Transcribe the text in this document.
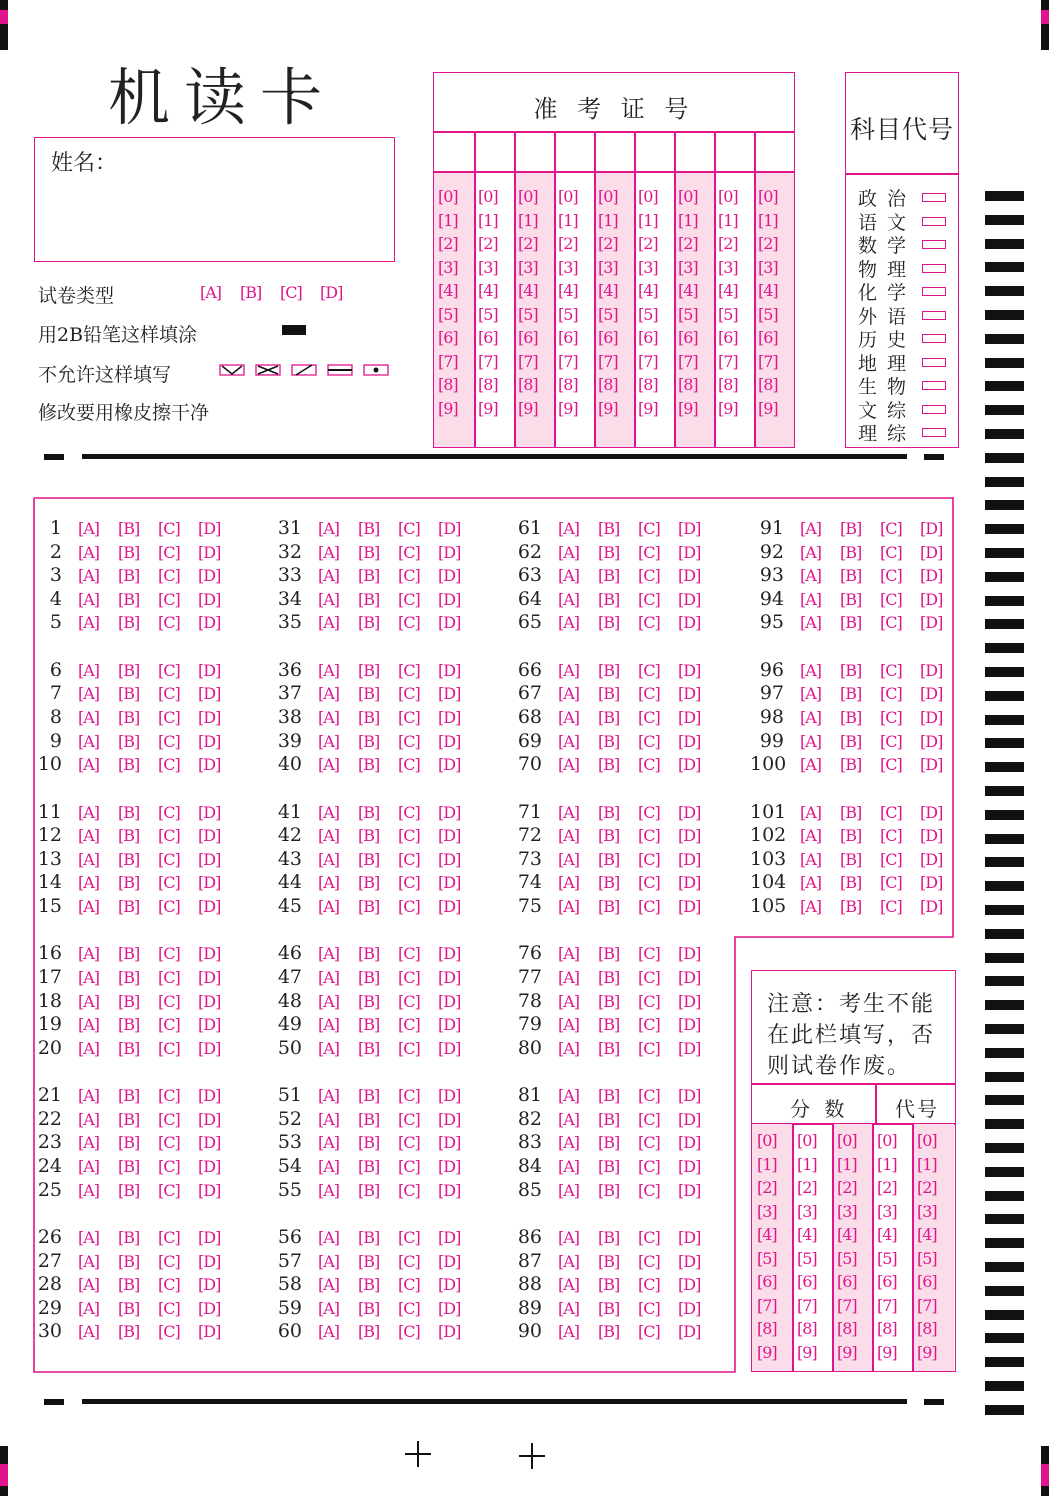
机读卡
姓名：
试卷类型	[A] [B] [C] [D]
用2B铅笔这样填涂
不允许这样填写
修改要用橡皮擦干净
准 考 证 号
[0]
[1]
[2]
[3]
[4]
[5]
[6]
[7]
[8]
[9]
[0]
[1]
[2]
[3]
[4]
[5]
[6]
[7]
[8]
[9]
[0]
[1]
[2]
[3]
[4]
[5]
[6]
[7]
[8]
[9]
[0]
[1]
[2]
[3]
[4]
[5]
[6]
[7]
[8]
[9]
[0]
[1]
[2]
[3]
[4]
[5]
[6]
[7]
[8]
[9]
[0]
[1]
[2]
[3]
[4]
[5]
[6]
[7]
[8]
[9]
[0]
[1]
[2]
[3]
[4]
[5]
[6]
[7]
[8]
[9]
[0]
[1]
[2]
[3]
[4]
[5]
[6]
[7]
[8]
[9]
[0]
[1]
[2]
[3]
[4]
[5]
[6]
[7]
[8]
[9]
科目代号
政治
语文
数学
物理
化学
外语
历史
地理
生物
文综
理综
1 [A] [B] [C] [D]
2 [A] [B] [C] [D]
3 [A] [B] [C] [D]
4 [A] [B] [C] [D]
5 [A] [B] [C] [D]
6 [A] [B] [C] [D]
7 [A] [B] [C] [D]
8 [A] [B] [C] [D]
9 [A] [B] [C] [D]
10 [A] [B] [C] [D]
11 [A] [B] [C] [D]
12 [A] [B] [C] [D]
13 [A] [B] [C] [D]
14 [A] [B] [C] [D]
15 [A] [B] [C] [D]
16 [A] [B] [C] [D]
17 [A] [B] [C] [D]
18 [A] [B] [C] [D]
19 [A] [B] [C] [D]
20 [A] [B] [C] [D]
21 [A] [B] [C] [D]
22 [A] [B] [C] [D]
23 [A] [B] [C] [D]
24 [A] [B] [C] [D]
25 [A] [B] [C] [D]
26 [A] [B] [C] [D]
27 [A] [B] [C] [D]
28 [A] [B] [C] [D]
29 [A] [B] [C] [D]
30 [A] [B] [C] [D]
31 [A] [B] [C] [D]
32 [A] [B] [C] [D]
33 [A] [B] [C] [D]
34 [A] [B] [C] [D]
35 [A] [B] [C] [D]
36 [A] [B] [C] [D]
37 [A] [B] [C] [D]
38 [A] [B] [C] [D]
39 [A] [B] [C] [D]
40 [A] [B] [C] [D]
41 [A] [B] [C] [D]
42 [A] [B] [C] [D]
43 [A] [B] [C] [D]
44 [A] [B] [C] [D]
45 [A] [B] [C] [D]
46 [A] [B] [C] [D]
47 [A] [B] [C] [D]
48 [A] [B] [C] [D]
49 [A] [B] [C] [D]
50 [A] [B] [C] [D]
51 [A] [B] [C] [D]
52 [A] [B] [C] [D]
53 [A] [B] [C] [D]
54 [A] [B] [C] [D]
55 [A] [B] [C] [D]
56 [A] [B] [C] [D]
57 [A] [B] [C] [D]
58 [A] [B] [C] [D]
59 [A] [B] [C] [D]
60 [A] [B] [C] [D]
61 [A] [B] [C] [D]
62 [A] [B] [C] [D]
63 [A] [B] [C] [D]
64 [A] [B] [C] [D]
65 [A] [B] [C] [D]
66 [A] [B] [C] [D]
67 [A] [B] [C] [D]
68 [A] [B] [C] [D]
69 [A] [B] [C] [D]
70 [A] [B] [C] [D]
71 [A] [B] [C] [D]
72 [A] [B] [C] [D]
73 [A] [B] [C] [D]
74 [A] [B] [C] [D]
75 [A] [B] [C] [D]
76 [A] [B] [C] [D]
77 [A] [B] [C] [D]
78 [A] [B] [C] [D]
79 [A] [B] [C] [D]
80 [A] [B] [C] [D]
81 [A] [B] [C] [D]
82 [A] [B] [C] [D]
83 [A] [B] [C] [D]
84 [A] [B] [C] [D]
85 [A] [B] [C] [D]
86 [A] [B] [C] [D]
87 [A] [B] [C] [D]
88 [A] [B] [C] [D]
89 [A] [B] [C] [D]
90 [A] [B] [C] [D]
91 [A] [B] [C] [D]
92 [A] [B] [C] [D]
93 [A] [B] [C] [D]
94 [A] [B] [C] [D]
95 [A] [B] [C] [D]
96 [A] [B] [C] [D]
97 [A] [B] [C] [D]
98 [A] [B] [C] [D]
99 [A] [B] [C] [D]
100 [A] [B] [C] [D]
101 [A] [B] [C] [D]
102 [A] [B] [C] [D]
103 [A] [B] [C] [D]
104 [A] [B] [C] [D]
105 [A] [B] [C] [D]
注意：考生不能
在此栏填写，否
则试卷作废。
分 数 代号
[0]
[1]
[2]
[3]
[4]
[5]
[6]
[7]
[8]
[9]
[0]
[1]
[2]
[3]
[4]
[5]
[6]
[7]
[8]
[9]
[0]
[1]
[2]
[3]
[4]
[5]
[6]
[7]
[8]
[9]
[0]
[1]
[2]
[3]
[4]
[5]
[6]
[7]
[8]
[9]
[0]
[1]
[2]
[3]
[4]
[5]
[6]
[7]
[8]
[9]
